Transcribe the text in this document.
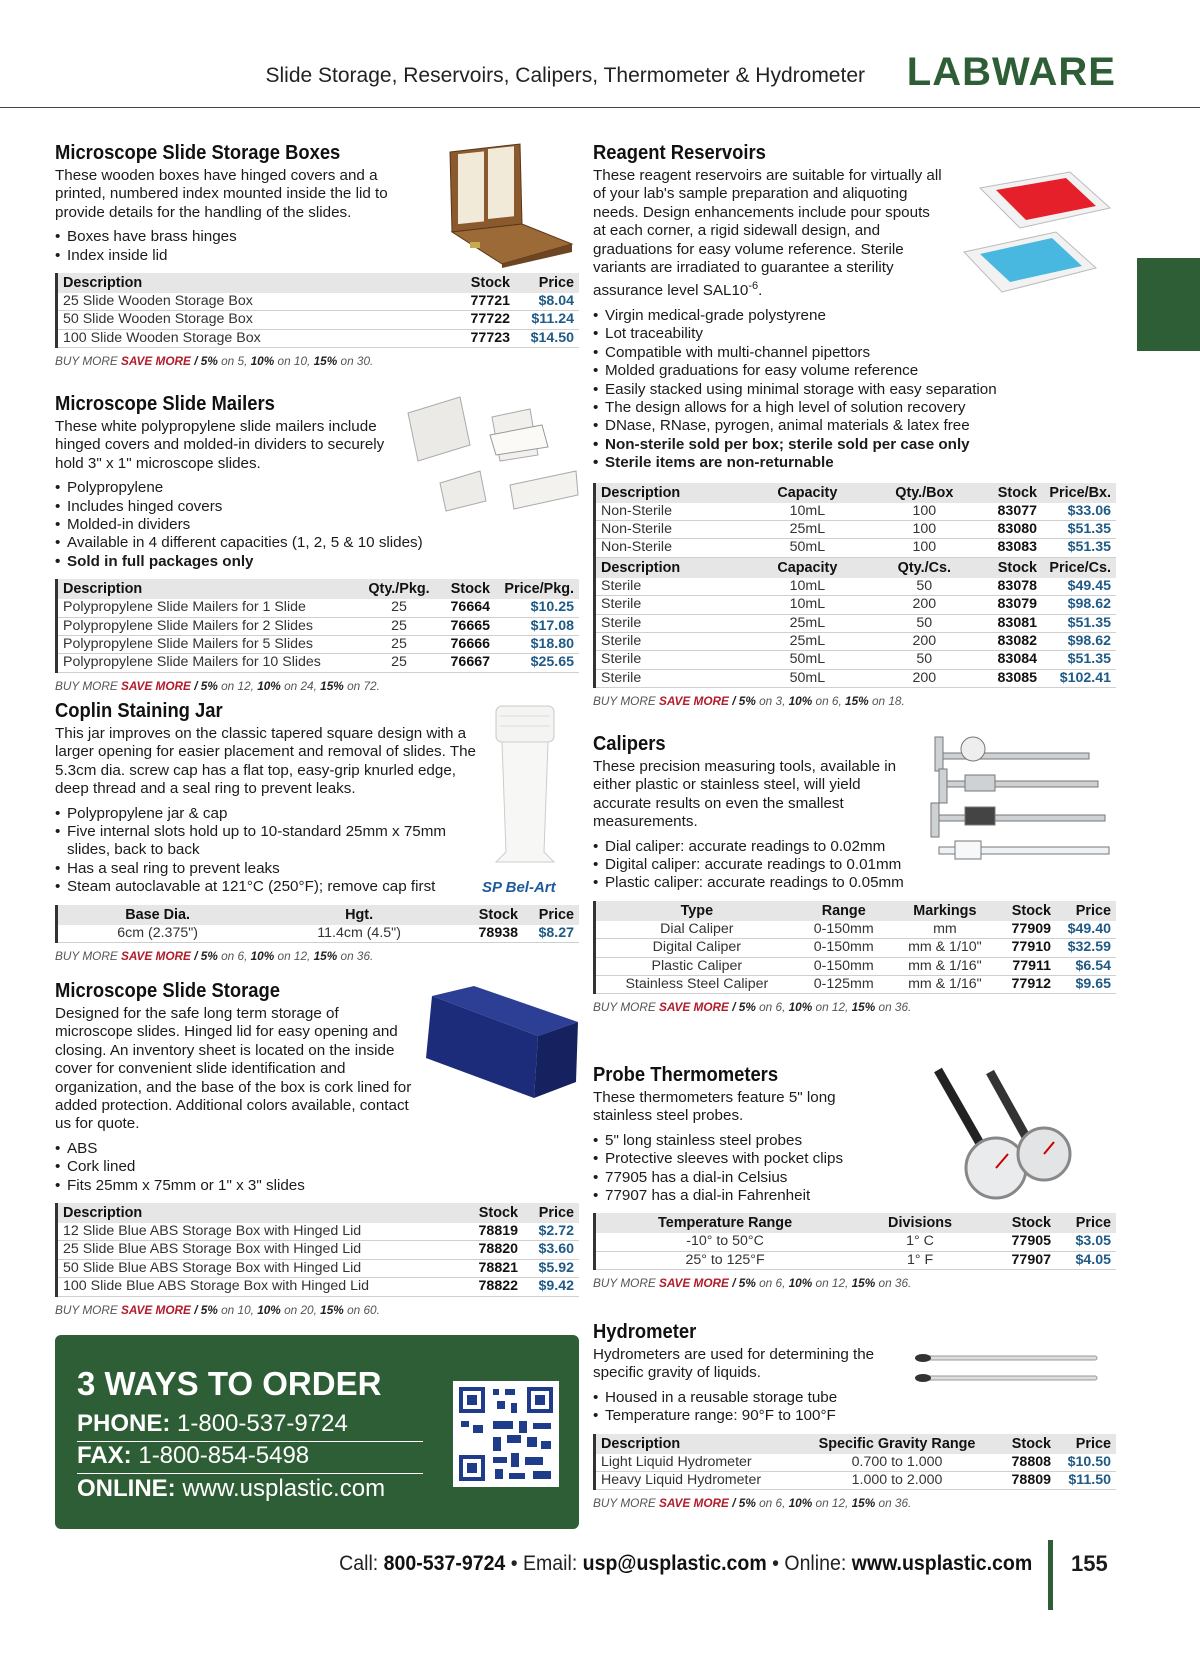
Slide Storage, Reservoirs, Calipers, Thermometer & Hydrometer LABWARE
Microscope Slide Storage Boxes

These wooden boxes have hinged covers and a printed, numbered index mounted inside the lid to provide details for the handling of the slides.

• Boxes have brass hinges
• Index inside lid
Description	Stock	Price
25 Slide Wooden Storage Box	77721	$8.04
50 Slide Wooden Storage Box	77722	$11.24
100 Slide Wooden Storage Box	77723	$14.50
BUY MORE SAVE MORE / 5% on 5, 10% on 10, 15% on 30.
Microscope Slide Mailers

These white polypropylene slide mailers include hinged covers and molded-in dividers to securely hold 3" x 1" microscope slides.

• Polypropylene
• Includes hinged covers
• Molded-in dividers
• Available in 4 different capacities (1, 2, 5 & 10 slides)
• Sold in full packages only
Description	Qty./Pkg.	Stock	Price/Pkg.
Polypropylene Slide Mailers for 1 Slide	25	76664	$10.25
Polypropylene Slide Mailers for 2 Slides	25	76665	$17.08
Polypropylene Slide Mailers for 5 Slides	25	76666	$18.80
Polypropylene Slide Mailers for 10 Slides	25	76667	$25.65
BUY MORE SAVE MORE / 5% on 12, 10% on 24, 15% on 72.
Coplin Staining Jar

This jar improves on the classic tapered square design with a larger opening for easier placement and removal of slides. The 5.3cm dia. screw cap has a flat top, easy-grip knurled edge, deep thread and a seal ring to prevent leaks.

• Polypropylene jar & cap
• Five internal slots hold up to 10-standard 25mm x 75mm slides, back to back
• Has a seal ring to prevent leaks
• Steam autoclavable at 121°C (250°F); remove cap first
Base Dia.	Hgt.	Stock	Price
6cm (2.375")	11.4cm (4.5")	78938	$8.27
BUY MORE SAVE MORE / 5% on 6, 10% on 12, 15% on 36.
SP Bel-Art
Microscope Slide Storage

Designed for the safe long term storage of microscope slides. Hinged lid for easy opening and closing. An inventory sheet is located on the inside cover for convenient slide identification and organization, and the base of the box is cork lined for added protection. Additional colors available, contact us for quote.

• ABS
• Cork lined
• Fits 25mm x 75mm or 1" x 3" slides
Description	Stock	Price
12 Slide Blue ABS Storage Box with Hinged Lid	78819	$2.72
25 Slide Blue ABS Storage Box with Hinged Lid	78820	$3.60
50 Slide Blue ABS Storage Box with Hinged Lid	78821	$5.92
100 Slide Blue ABS Storage Box with Hinged Lid	78822	$9.42
BUY MORE SAVE MORE / 5% on 10, 10% on 20, 15% on 60.
3 WAYS TO ORDER
PHONE: 1-800-537-9724
FAX: 1-800-854-5498
ONLINE: www.usplastic.com
Reagent Reservoirs

These reagent reservoirs are suitable for virtually all of your lab's sample preparation and aliquoting needs. Design enhancements include pour spouts at each corner, a rigid sidewall design, and graduations for easy volume reference. Sterile variants are irradiated to guarantee a sterility assurance level $SAL10^{-6}$.

• Virgin medical-grade polystyrene
• Lot traceability
• Compatible with multi-channel pipettors
• Molded graduations for easy volume reference
• Easily stacked using minimal storage with easy separation
• The design allows for a high level of solution recovery
• DNase, RNase, pyrogen, animal materials & latex free
• Non-sterile sold per box; sterile sold per case only
• Sterile items are non-returnable
Description	Capacity	Qty./Box	Stock	Price/Bx.
Non-Sterile	10mL	100	83077	$33.06
Non-Sterile	25mL	100	83080	$51.35
Non-Sterile	50mL	100	83083	$51.35
Description	Capacity	Qty./Cs.	Stock	Price/Cs.
Sterile	10mL	50	83078	$49.45
Sterile	10mL	200	83079	$98.62
Sterile	25mL	50	83081	$51.35
Sterile	25mL	200	83082	$98.62
Sterile	50mL	50	83084	$51.35
Sterile	50mL	200	83085	$102.41
BUY MORE SAVE MORE / 5% on 3, 10% on 6, 15% on 18.
Calipers

These precision measuring tools, available in either plastic or stainless steel, will yield accurate results on even the smallest measurements.

• Dial caliper: accurate readings to 0.02mm
• Digital caliper: accurate readings to 0.01mm
• Plastic caliper: accurate readings to 0.05mm
Type	Range	Markings	Stock	Price
Dial Caliper	0-150mm	mm	77909	$49.40
Digital Caliper	0-150mm	mm & 1/10"	77910	$32.59
Plastic Caliper	0-150mm	mm & 1/16"	77911	$6.54
Stainless Steel Caliper	0-125mm	mm & 1/16"	77912	$9.65
BUY MORE SAVE MORE / 5% on 6, 10% on 12, 15% on 36.
Probe Thermometers

These thermometers feature 5" long stainless steel probes.

• 5" long stainless steel probes
• Protective sleeves with pocket clips
• 77905 has a dial-in Celsius
• 77907 has a dial-in Fahrenheit
Temperature Range	Divisions	Stock	Price
-10° to 50°C	1° C	77905	$3.05
25° to 125°F	1° F	77907	$4.05
BUY MORE SAVE MORE / 5% on 6, 10% on 12, 15% on 36.
Hydrometer

Hydrometers are used for determining the specific gravity of liquids.

• Housed in a reusable storage tube
• Temperature range: 90°F to 100°F
Description	Specific Gravity Range	Stock	Price
Light Liquid Hydrometer	0.700 to 1.000	78808	$10.50
Heavy Liquid Hydrometer	1.000 to 2.000	78809	$11.50
BUY MORE SAVE MORE / 5% on 6, 10% on 12, 15% on 36.
Call: 800-537-9724 • Email: usp@usplastic.com • Online: www.usplastic.com 155
